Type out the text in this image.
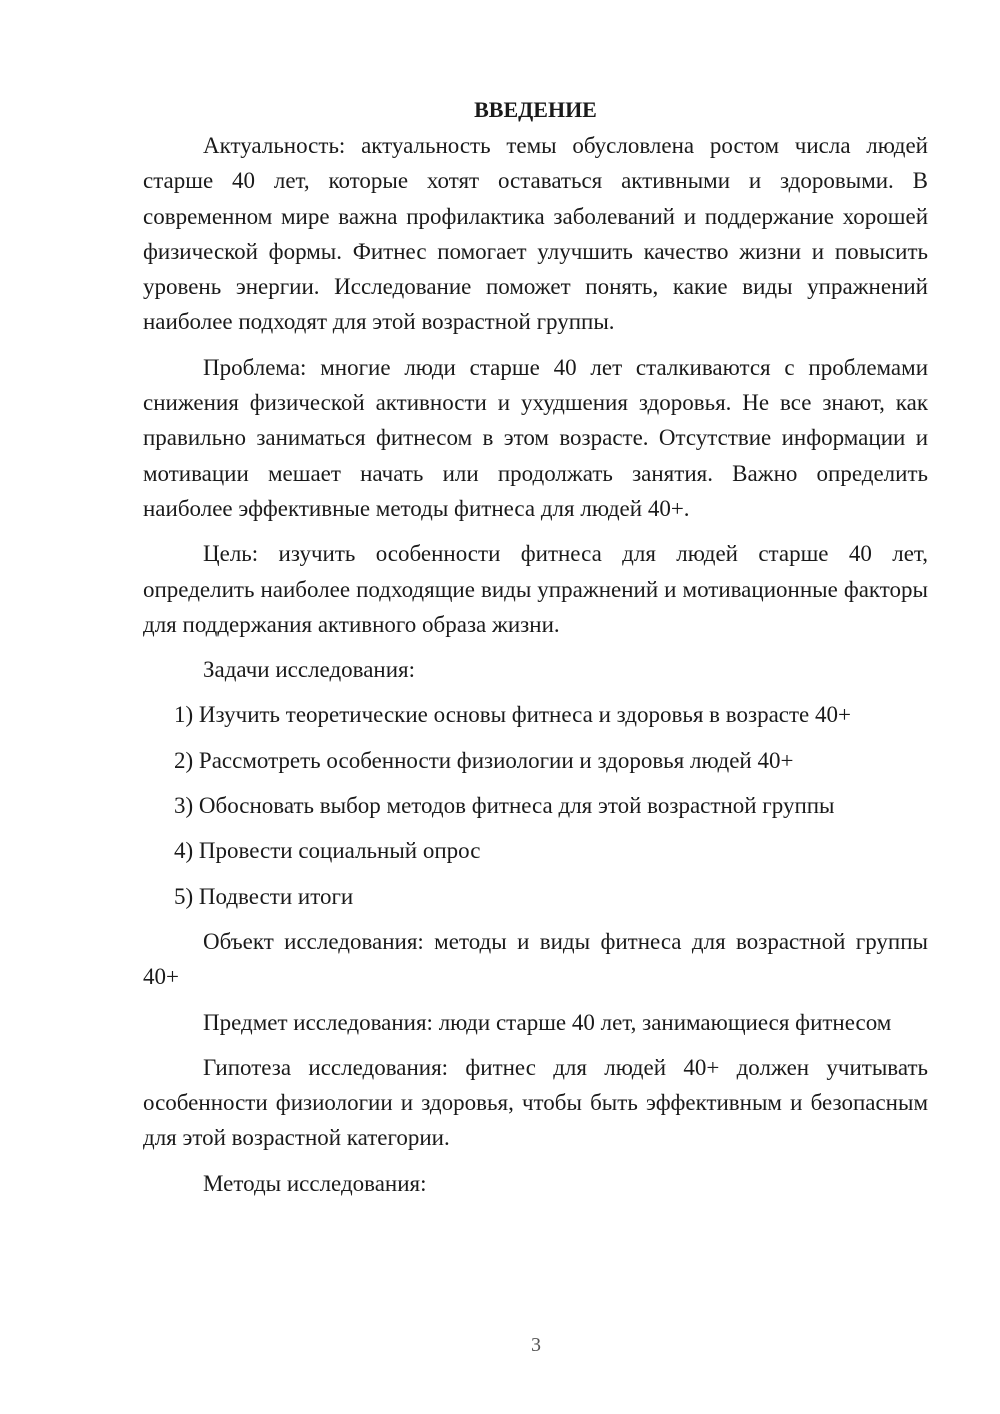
ВВЕДЕНИЕ

Актуальность: актуальность темы обусловлена ростом числа людей старше 40 лет, которые хотят оставаться активными и здоровыми. В современном мире важна профилактика заболеваний и поддержание хорошей физической формы. Фитнес помогает улучшить качество жизни и повысить уровень энергии. Исследование поможет понять, какие виды упражнений наиболее подходят для этой возрастной группы.

Проблема: многие люди старше 40 лет сталкиваются с проблемами снижения физической активности и ухудшения здоровья. Не все знают, как правильно заниматься фитнесом в этом возрасте. Отсутствие информации и мотивации мешает начать или продолжать занятия. Важно определить наиболее эффективные методы фитнеса для людей 40+.

Цель: изучить особенности фитнеса для людей старше 40 лет, определить наиболее подходящие виды упражнений и мотивационные факторы для поддержания активного образа жизни.

Задачи исследования:

1) Изучить теоретические основы фитнеса и здоровья в возрасте 40+
2) Рассмотреть особенности физиологии и здоровья людей 40+
3) Обосновать выбор методов фитнеса для этой возрастной группы
4) Провести социальный опрос
5) Подвести итоги

Объект исследования: методы и виды фитнеса для возрастной группы 40+

Предмет исследования: люди старше 40 лет, занимающиеся фитнесом

Гипотеза исследования: фитнес для людей 40+ должен учитывать особенности физиологии и здоровья, чтобы быть эффективным и безопасным для этой возрастной категории.

Методы исследования:

3
